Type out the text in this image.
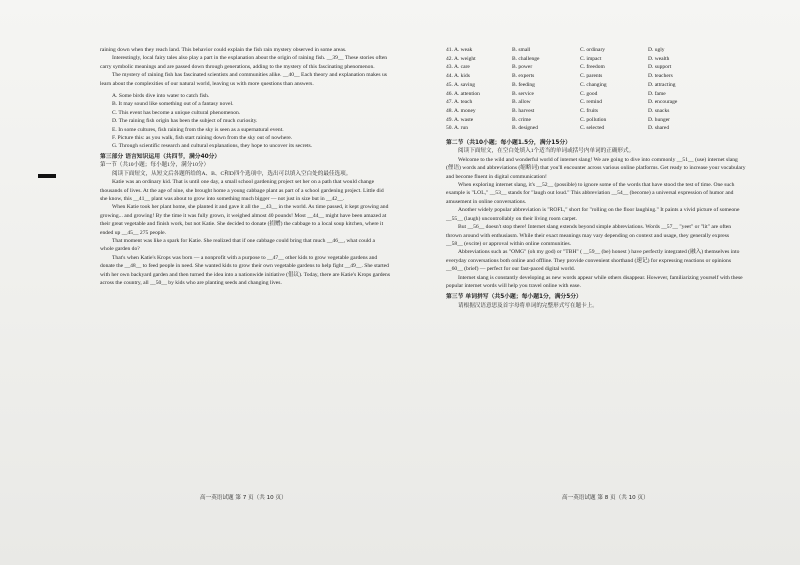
raining down when they reach land. This behavior could explain the fish rain mystery observed in some areas.

Interestingly, local fairy tales also play a part in the explanation about the origin of raining fish. __39__ These stories often carry symbolic meanings and are passed down through generations, adding to the mystery of this fascinating phenomenon.

The mystery of raining fish has fascinated scientists and communities alike. __40__ Each theory and explanation makes us learn about the complexities of our natural world, leaving us with more questions than answers.

A. Some birds dive into water to catch fish.

B. It may sound like something out of a fantasy novel.

C. This event has become a unique cultural phenomenon.

D. The raining fish origin has been the subject of much curiosity.

E. In some cultures, fish raining from the sky is seen as a supernatural event.

F. Picture this: as you walk, fish start raining down from the sky out of nowhere.

G. Through scientific research and cultural explanations, they hope to uncover its secrets.

第三部分 语言知识运用（共四节，满分40分）

第一节（共10小题；每小题1分，满分10分）

阅读下面短文，从短文后各题所给的A、B、C和D四个选项中，选出可以填入空白处的最佳选项。

Katie was an ordinary kid. That is until one day, a small school gardening project set her on a path that would change thousands of lives. At the age of nine, she brought home a young cabbage plant as part of a school gardening project. Little did she know, this __41__ plant was about to grow into something much bigger — not just in size but in __42__.

When Katie took her plant home, she planted it and gave it all the __43__ in the world. As time passed, it kept growing and growing... and growing! By the time it was fully grown, it weighed almost 40 pounds! Most __44__ might have been amazed at their great vegetable and finish work, but not Katie. She decided to donate (捐赠) the cabbage to a local soup kitchen, where it ended up __45__ 275 people.

That moment was like a spark for Katie. She realized that if one cabbage could bring that much __46__, what could a whole garden do?

That's when Katie's Krops was born — a nonprofit with a purpose to __47__ other kids to grow vegetable gardens and donate the __48__ to feed people in need. She wanted kids to grow their own vegetable gardens to help fight __49__. She started with her own backyard garden and then turned the idea into a nationwide initiative (倡议). Today, there are Katie's Krops gardens across the country, all __50__ by kids who are planting seeds and changing lives.

41. A. weak	B. small	C. ordinary	D. ugly
42. A. weight	B. challenge	C. impact	D. wealth
43. A. care	B. power	C. freedom	D. support
44. A. kids	B. experts	C. parents	D. teachers
45. A. saving	B. feeding	C. changing	D. attracting
46. A. attention	B. service	C. good	D. fame
47. A. teach	B. allow	C. remind	D. encourage
48. A. money	B. harvest	C. fruits	D. snacks
49. A. waste	B. crime	C. pollution	D. hunger
50. A. run	B. designed	C. selected	D. shared

第二节（共10小题；每小题1.5分，满分15分）

阅读下面短文，在空白处填入1个适当的单词或括号内单词的正确形式。

Welcome to the wild and wonderful world of internet slang! We are going to dive into commonly __51__ (use) internet slang (俚语) words and abbreviations (缩略词) that you'll encounter across various online platforms. Get ready to increase your vocabulary and become fluent in digital communication!

When exploring internet slang, it's __52__ (possible) to ignore some of the words that have stood the test of time. One such example is "LOL," __53__ stands for "laugh out loud." This abbreviation __54__ (become) a universal expression of humor and amusement in online conversations.

Another widely popular abbreviation is "ROFL," short for "rolling on the floor laughing." It paints a vivid picture of someone __55__ (laugh) uncontrollably on their living room carpet.

But __56__ doesn't stop there! Internet slang extends beyond simple abbreviations. Words __57__ "yeet" or "lit" are often thrown around with enthusiasm. While their exact meanings may vary depending on context and usage, they generally express __58__ (excite) or approval within online communities.

Abbreviations such as "OMG" (oh my god) or "TBH" ( __59__ (be) honest ) have perfectly integrated (融入) themselves into everyday conversations both online and offline. They provide convenient shorthand (速记) for expressing reactions or opinions __60__ (brief) — perfect for our fast-paced digital world.

Internet slang is constantly developing as new words appear while others disappear. However, familiarizing yourself with these popular internet words will help you travel online with ease.

第三节 单词拼写（共5小题；每小题1分，满分5分）

请根据汉语意思及首字母将单词的完整形式写在题卡上。

高一英语试题 第 7 页（共 10 页）	高一英语试题 第 8 页（共 10 页）
